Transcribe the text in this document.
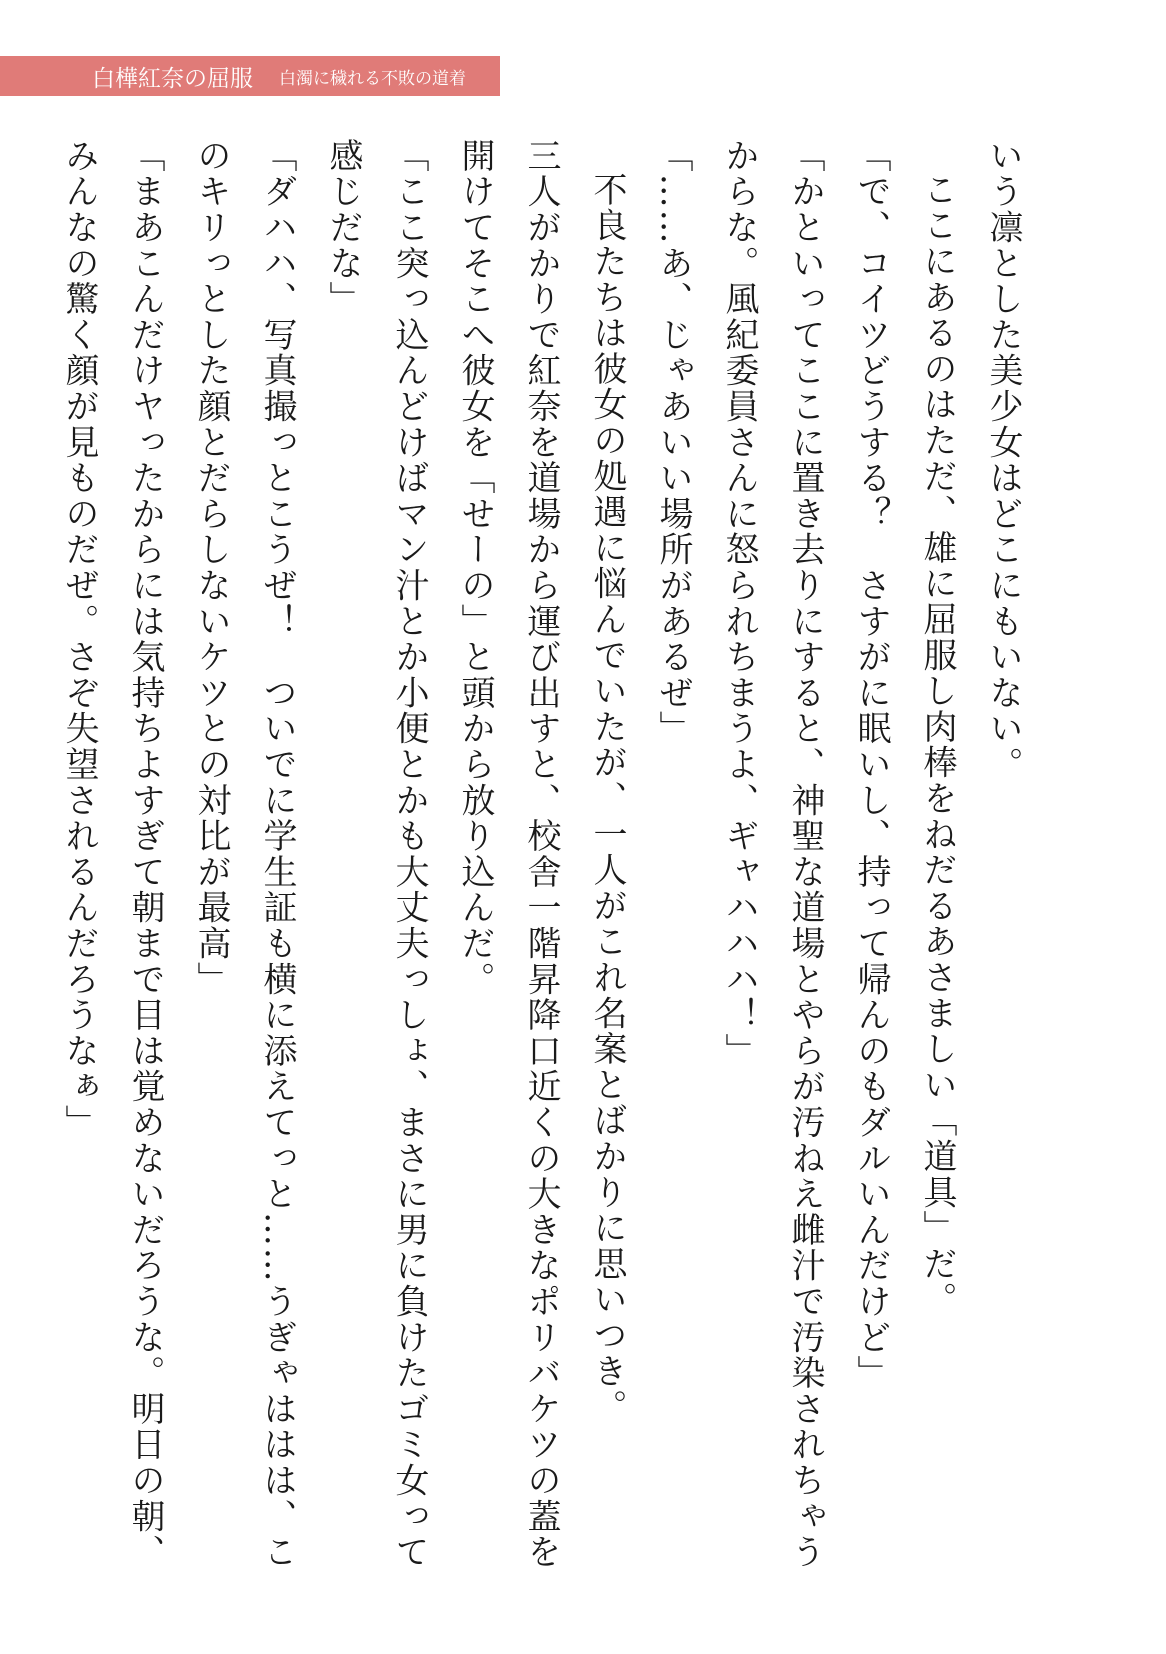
白樺紅奈の屈服 白濁に穢れる不敗の道着

いう凛とした美少女はどこにもいない。

ここにあるのはただ、雄に屈服し肉棒をねだるあさましい「道具」だ。

「で、コイツどうする？　さすがに眠いし、持って帰んのもダルいんだけど」

「かといってここに置き去りにすると、神聖な道場とやらが汚ねえ雌汁で汚染されちゃうからな。風紀委員さんに怒られちまうよ、ギャハハハ！」

「……あ、じゃあいい場所があるぜ」

不良たちは彼女の処遇に悩んでいたが、一人がこれ名案とばかりに思いつき。

三人がかりで紅奈を道場から運び出すと、校舎一階昇降口近くの大きなポリバケツの蓋を開けてそこへ彼女を「せーの」と頭から放り込んだ。

「ここ突っ込んどけばマン汁とか小便とかも大丈夫っしょ、まさに男に負けたゴミ女って感じだな」

「ダハハ、写真撮っとこうぜ！　ついでに学生証も横に添えてっと……うぎゃははは、このキリっとした顔とだらしないケツとの対比が最高」

「まあこんだけヤったからには気持ちよすぎて朝まで目は覚めないだろうな。明日の朝、みんなの驚く顔が見ものだぜ。さぞ失望されるんだろうなぁ」
